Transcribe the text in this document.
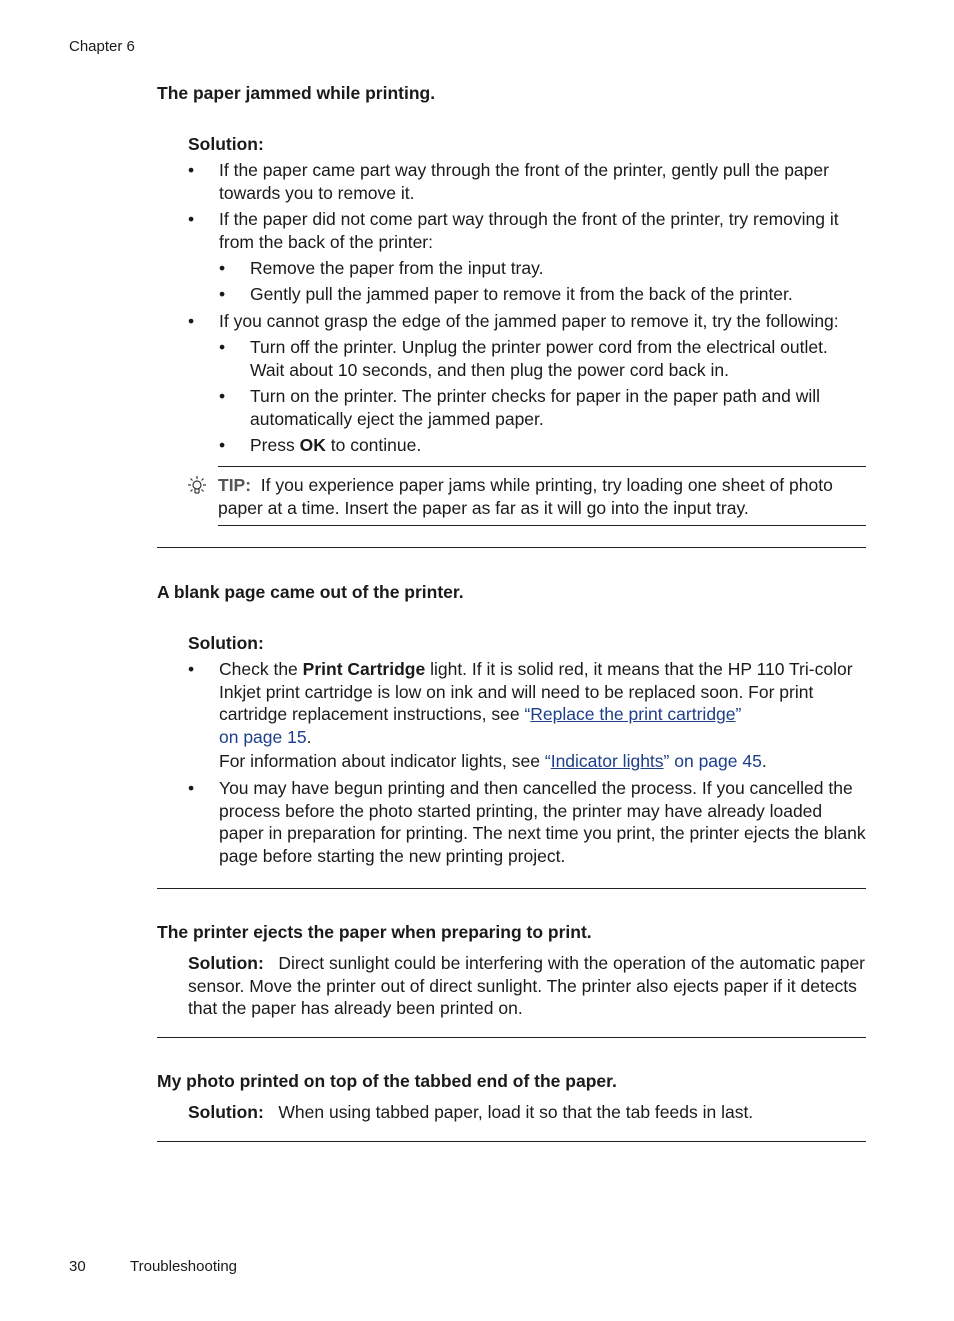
Chapter 6
The paper jammed while printing.
Solution:
• If the paper came part way through the front of the printer, gently pull the paper towards you to remove it.
• If the paper did not come part way through the front of the printer, try removing it from the back of the printer:
• Remove the paper from the input tray.
• Gently pull the jammed paper to remove it from the back of the printer.
• If you cannot grasp the edge of the jammed paper to remove it, try the following:
• Turn off the printer. Unplug the printer power cord from the electrical outlet. Wait about 10 seconds, and then plug the power cord back in.
• Turn on the printer. The printer checks for paper in the paper path and will automatically eject the jammed paper.
• Press OK to continue.
TIP: If you experience paper jams while printing, try loading one sheet of photo paper at a time. Insert the paper as far as it will go into the input tray.
A blank page came out of the printer.
Solution:
• Check the Print Cartridge light. If it is solid red, it means that the HP 110 Tri-color Inkjet print cartridge is low on ink and will need to be replaced soon. For print cartridge replacement instructions, see “Replace the print cartridge”
on page 15.
For information about indicator lights, see “Indicator lights” on page 45.
• You may have begun printing and then cancelled the process. If you cancelled the process before the photo started printing, the printer may have already loaded paper in preparation for printing. The next time you print, the printer ejects the blank page before starting the new printing project.
The printer ejects the paper when preparing to print.
Solution: Direct sunlight could be interfering with the operation of the automatic paper sensor. Move the printer out of direct sunlight. The printer also ejects paper if it detects that the paper has already been printed on.
My photo printed on top of the tabbed end of the paper.
Solution: When using tabbed paper, load it so that the tab feeds in last.
30	Troubleshooting
